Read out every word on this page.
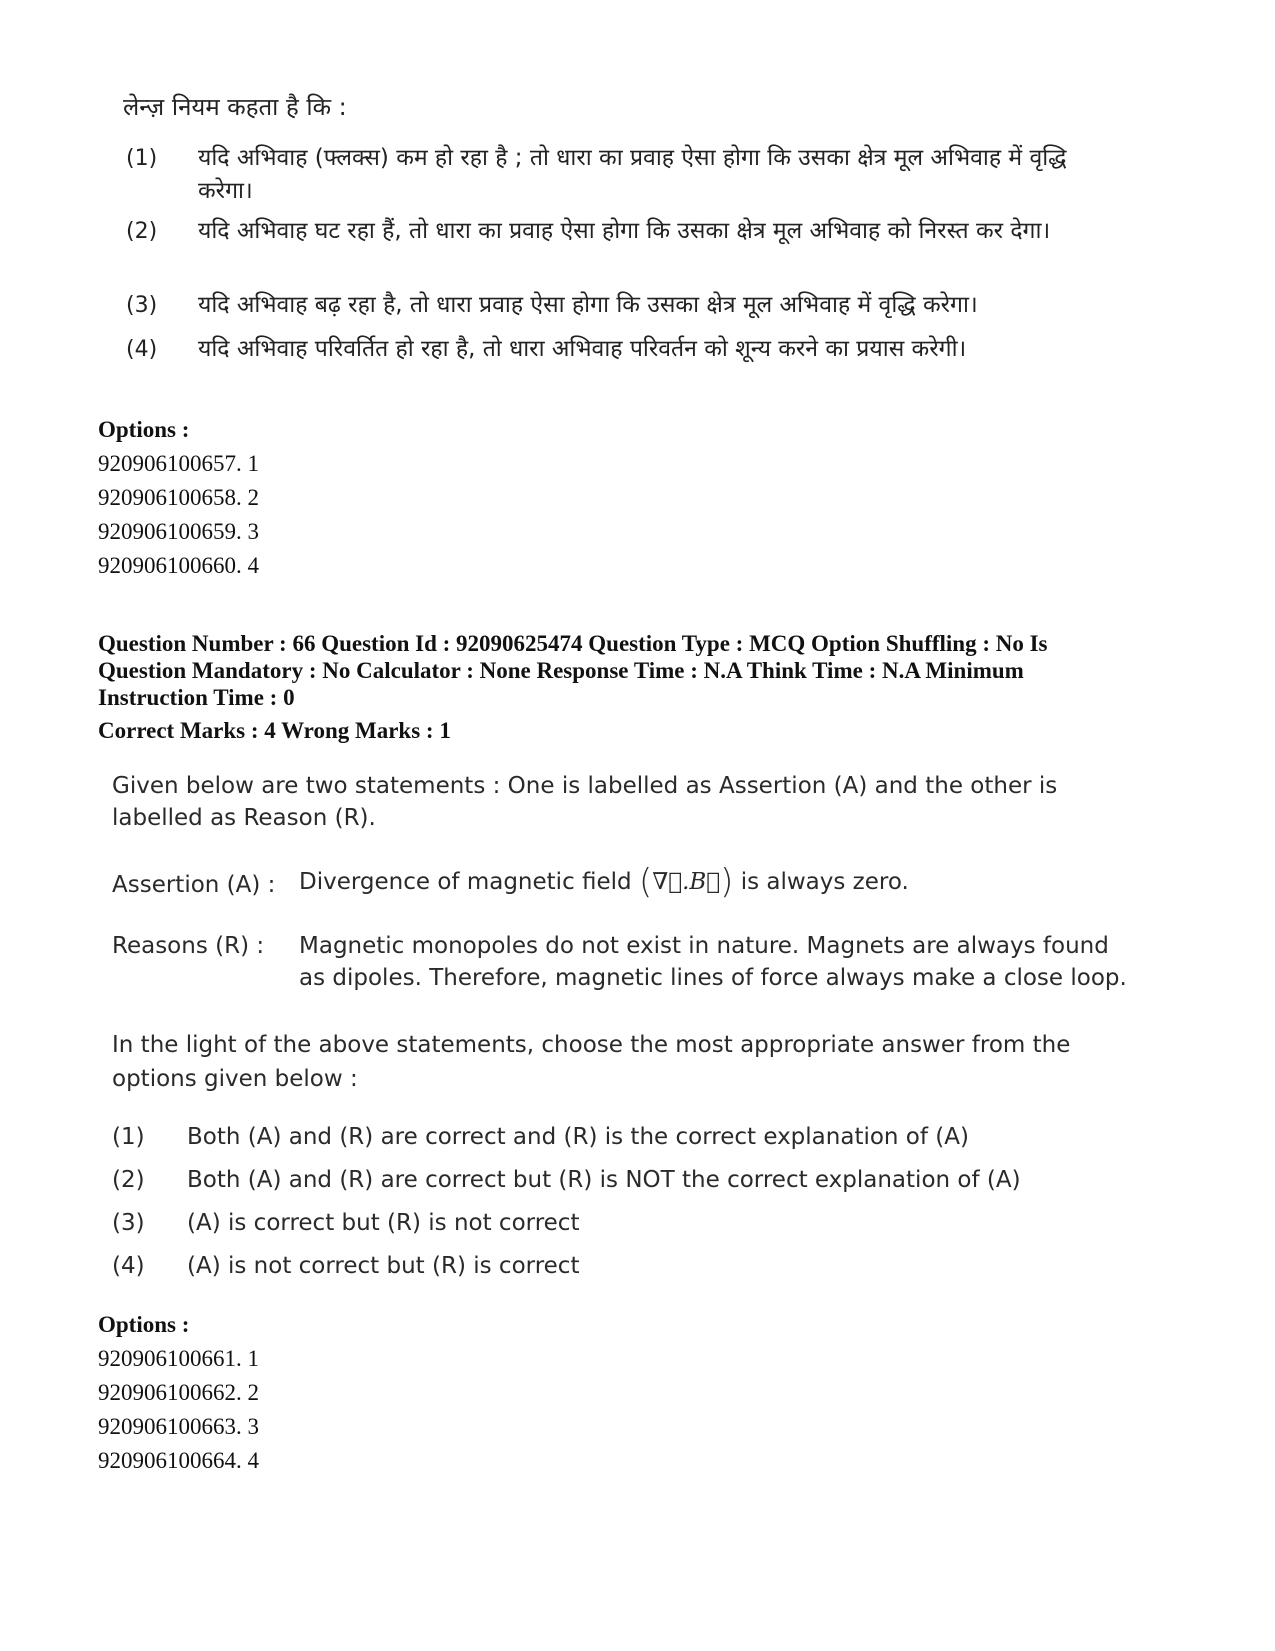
लेन्ज़ नियम कहता है कि :
(1)	यदि अभिवाह (फ्लक्स) कम हो रहा है ; तो धारा का प्रवाह ऐसा होगा कि उसका क्षेत्र मूल अभिवाह में वृद्धि करेगा।
(2)	यदि अभिवाह घट रहा हैं, तो धारा का प्रवाह ऐसा होगा कि उसका क्षेत्र मूल अभिवाह को निरस्त कर देगा।
(3)	यदि अभिवाह बढ़ रहा है, तो धारा प्रवाह ऐसा होगा कि उसका क्षेत्र मूल अभिवाह में वृद्धि करेगा।
(4)	यदि अभिवाह परिवर्तित हो रहा है, तो धारा अभिवाह परिवर्तन को शून्य करने का प्रयास करेगी।
Options :
920906100657. 1
920906100658. 2
920906100659. 3
920906100660. 4
Question Number : 66 Question Id : 92090625474 Question Type : MCQ Option Shuffling : No Is
Question Mandatory : No Calculator : None Response Time : N.A Think Time : N.A Minimum
Instruction Time : 0
Correct Marks : 4 Wrong Marks : 1
Given below are two statements : One is labelled as Assertion (A) and the other is
labelled as Reason (R).
Assertion (A) : Divergence of magnetic field (∇⃗.B⃗) is always zero.
Reasons (R) : Magnetic monopoles do not exist in nature. Magnets are always found
as dipoles. Therefore, magnetic lines of force always make a close loop.
In the light of the above statements, choose the most appropriate answer from the
options given below :
(1) Both (A) and (R) are correct and (R) is the correct explanation of (A)
(2) Both (A) and (R) are correct but (R) is NOT the correct explanation of (A)
(3) (A) is correct but (R) is not correct
(4) (A) is not correct but (R) is correct
Options :
920906100661. 1
920906100662. 2
920906100663. 3
920906100664. 4
